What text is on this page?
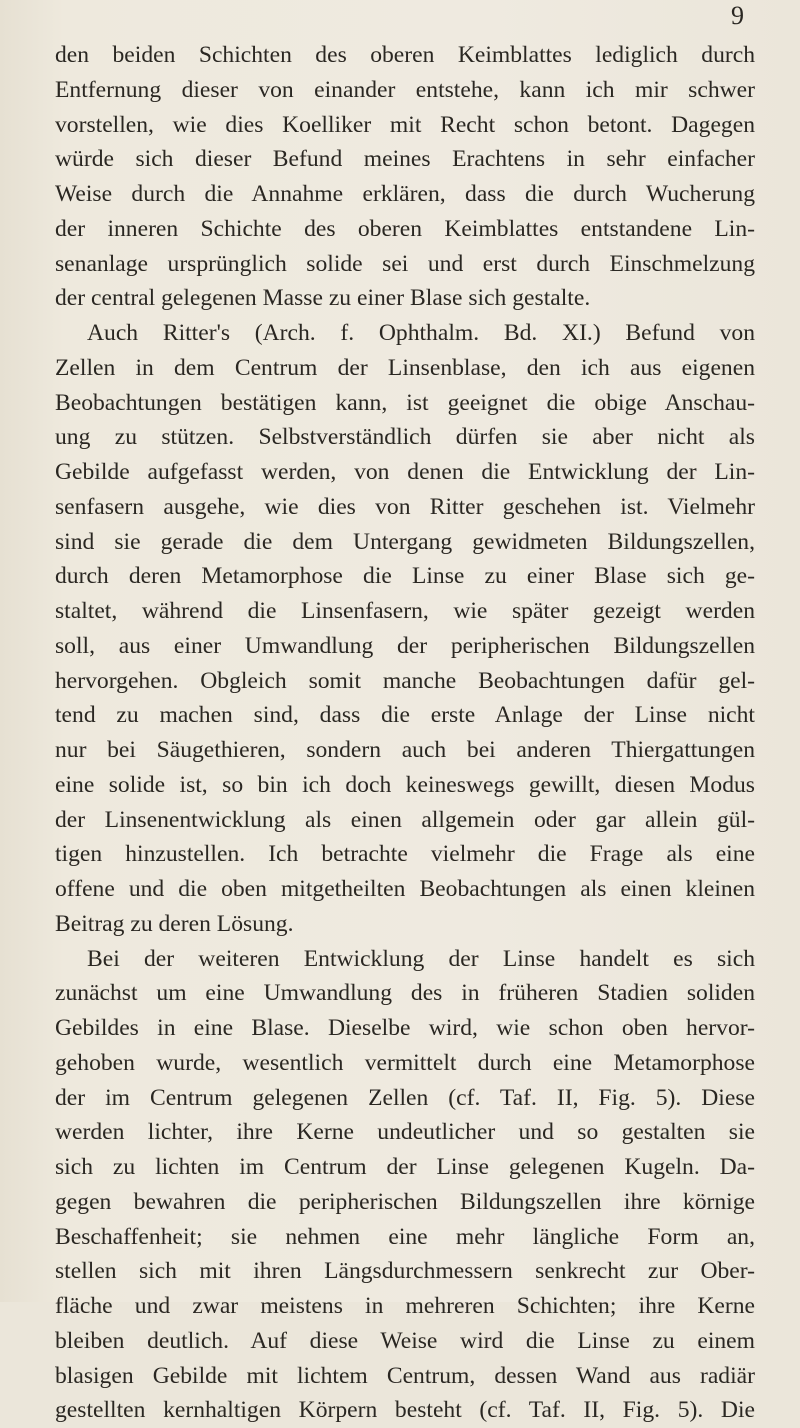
9
den beiden Schichten des oberen Keimblattes lediglich durch
Entfernung dieser von einander entstehe, kann ich mir schwer
vorstellen, wie dies Koelliker mit Recht schon betont. Dagegen
würde sich dieser Befund meines Erachtens in sehr einfacher
Weise durch die Annahme erklären, dass die durch Wucherung
der inneren Schichte des oberen Keimblattes entstandene Lin-
senanlage ursprünglich solide sei und erst durch Einschmelzung
der central gelegenen Masse zu einer Blase sich gestalte.
Auch Ritter's (Arch. f. Ophthalm. Bd. XI.) Befund von
Zellen in dem Centrum der Linsenblase, den ich aus eigenen
Beobachtungen bestätigen kann, ist geeignet die obige Anschau-
ung zu stützen. Selbstverständlich dürfen sie aber nicht als
Gebilde aufgefasst werden, von denen die Entwicklung der Lin-
senfasern ausgehe, wie dies von Ritter geschehen ist. Vielmehr
sind sie gerade die dem Untergang gewidmeten Bildungszellen,
durch deren Metamorphose die Linse zu einer Blase sich ge-
staltet, während die Linsenfasern, wie später gezeigt werden
soll, aus einer Umwandlung der peripherischen Bildungszellen
hervorgehen. Obgleich somit manche Beobachtungen dafür gel-
tend zu machen sind, dass die erste Anlage der Linse nicht
nur bei Säugethieren, sondern auch bei anderen Thiergattungen
eine solide ist, so bin ich doch keineswegs gewillt, diesen Modus
der Linsenentwicklung als einen allgemein oder gar allein gül-
tigen hinzustellen. Ich betrachte vielmehr die Frage als eine
offene und die oben mitgetheilten Beobachtungen als einen kleinen
Beitrag zu deren Lösung.
Bei der weiteren Entwicklung der Linse handelt es sich
zunächst um eine Umwandlung des in früheren Stadien soliden
Gebildes in eine Blase. Dieselbe wird, wie schon oben hervor-
gehoben wurde, wesentlich vermittelt durch eine Metamorphose
der im Centrum gelegenen Zellen (cf. Taf. II, Fig. 5). Diese
werden lichter, ihre Kerne undeutlicher und so gestalten sie
sich zu lichten im Centrum der Linse gelegenen Kugeln. Da-
gegen bewahren die peripherischen Bildungszellen ihre körnige
Beschaffenheit; sie nehmen eine mehr längliche Form an,
stellen sich mit ihren Längsdurchmessern senkrecht zur Ober-
fläche und zwar meistens in mehreren Schichten; ihre Kerne
bleiben deutlich. Auf diese Weise wird die Linse zu einem
blasigen Gebilde mit lichtem Centrum, dessen Wand aus radiär
gestellten kernhaltigen Körpern besteht (cf. Taf. II, Fig. 5). Die
